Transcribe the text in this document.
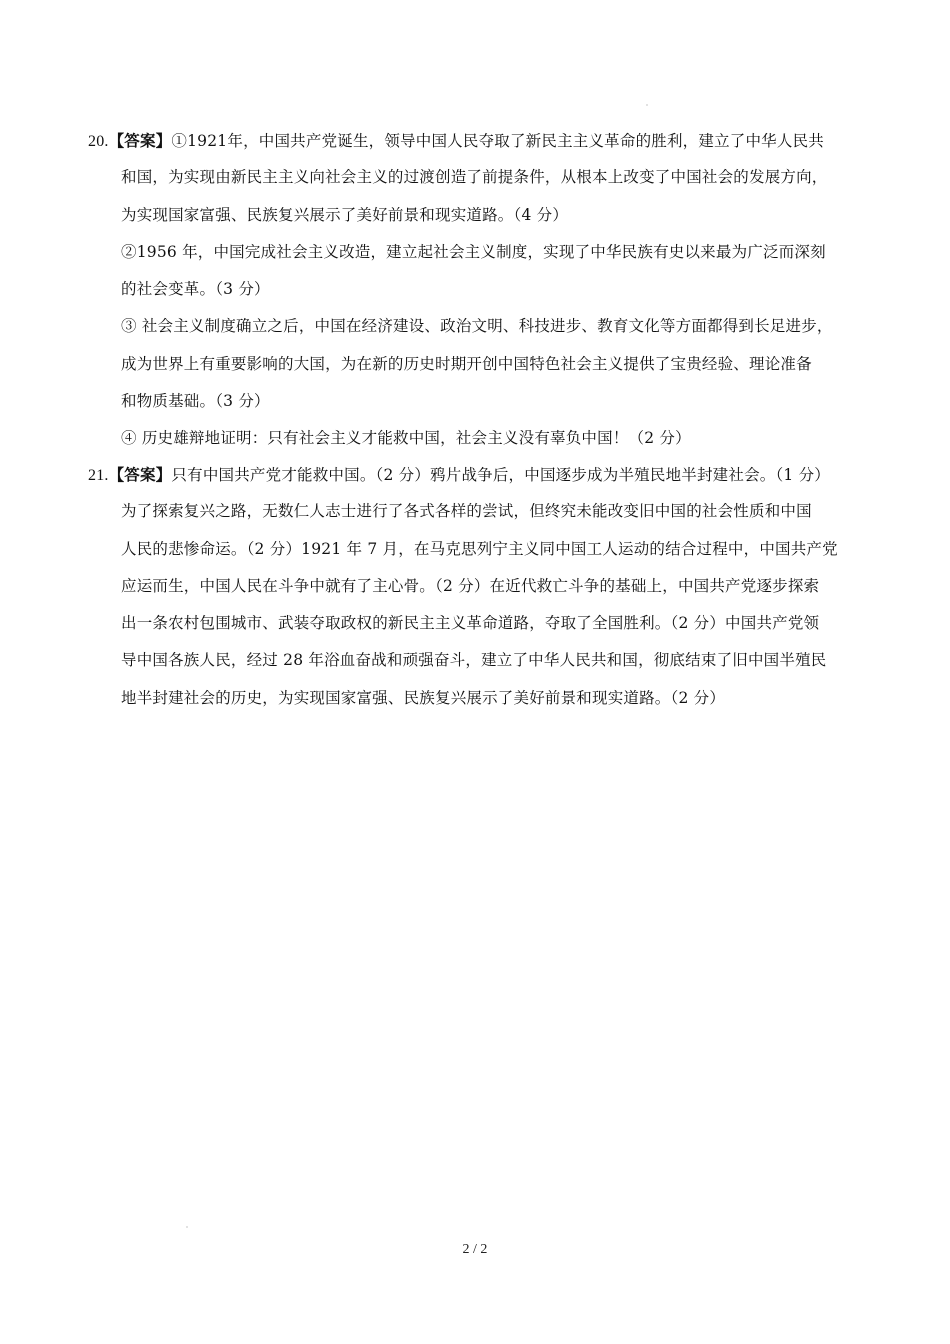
20.【答案】①1921年，中国共产党诞生，领导中国人民夺取了新民主主义革命的胜利，建立了中华人民共
和国，为实现由新民主主义向社会主义的过渡创造了前提条件，从根本上改变了中国社会的发展方向，
为实现国家富强、民族复兴展示了美好前景和现实道路。（4 分）
②1956 年，中国完成社会主义改造，建立起社会主义制度，实现了中华民族有史以来最为广泛而深刻
的社会变革。（3 分）
③ 社会主义制度确立之后，中国在经济建设、政治文明、科技进步、教育文化等方面都得到长足进步，
成为世界上有重要影响的大国，为在新的历史时期开创中国特色社会主义提供了宝贵经验、理论准备
和物质基础。（3 分）
④ 历史雄辩地证明：只有社会主义才能救中国，社会主义没有辜负中国！（2 分）
21.【答案】只有中国共产党才能救中国。（2 分）鸦片战争后，中国逐步成为半殖民地半封建社会。（1 分）
为了探索复兴之路，无数仁人志士进行了各式各样的尝试，但终究未能改变旧中国的社会性质和中国
人民的悲惨命运。（2 分）1921 年 7 月，在马克思列宁主义同中国工人运动的结合过程中，中国共产党
应运而生，中国人民在斗争中就有了主心骨。（2 分）在近代救亡斗争的基础上，中国共产党逐步探索
出一条农村包围城市、武装夺取政权的新民主主义革命道路，夺取了全国胜利。（2 分）中国共产党领
导中国各族人民，经过 28 年浴血奋战和顽强奋斗，建立了中华人民共和国，彻底结束了旧中国半殖民
地半封建社会的历史，为实现国家富强、民族复兴展示了美好前景和现实道路。（2 分）
2 / 2
